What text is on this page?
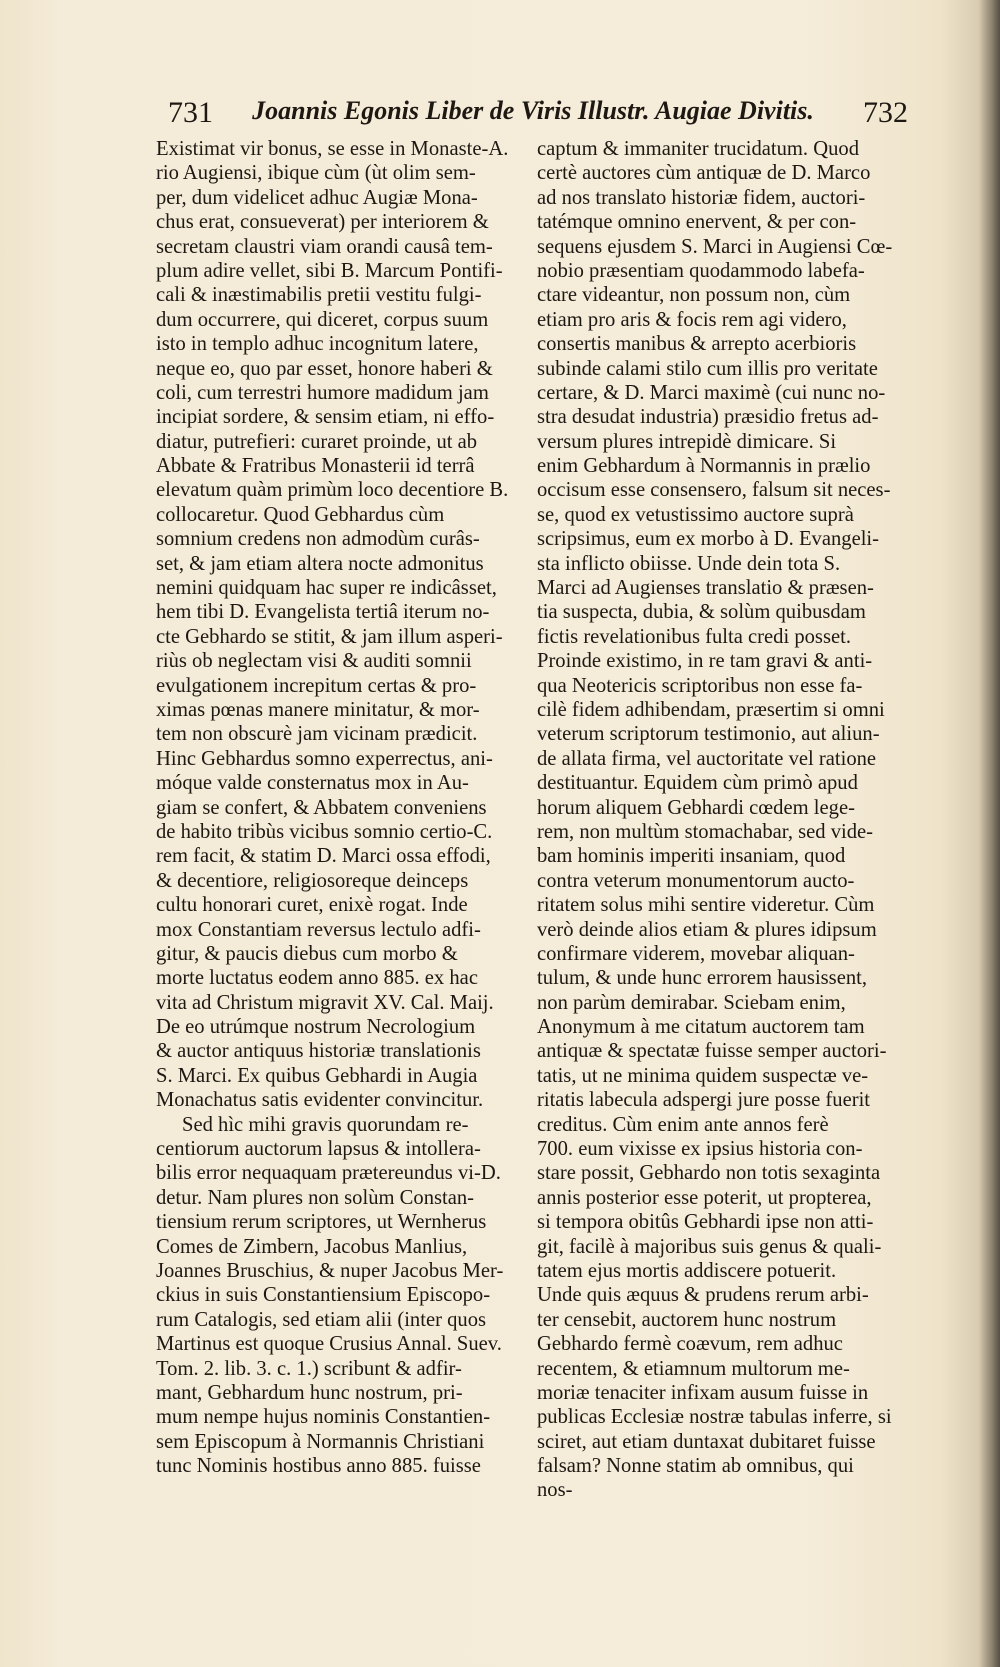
731 Joannis Egonis Liber de Viris Illustr. Augiae Divitis. 732
Existimat vir bonus, se esse in Monaste-A.
rio Augiensi, ibique cùm (ùt olim sem-
per, dum videlicet adhuc Augiæ Mona-
chus erat, consueverat) per interiorem &
secretam claustri viam orandi causâ tem-
plum adire vellet, sibi B. Marcum Pontifi-
cali & inæstimabilis pretii vestitu fulgi-
dum occurrere, qui diceret, corpus suum
isto in templo adhuc incognitum latere,
neque eo, quo par esset, honore haberi &
coli, cum terrestri humore madidum jam
incipiat sordere, & sensim etiam, ni effo-
diatur, putrefieri: curaret proinde, ut ab
Abbate & Fratribus Monasterii id terrâ
elevatum quàm primùm loco decentiore B.
collocaretur. Quod Gebhardus cùm
somnium credens non admodùm curâs-
set, & jam etiam altera nocte admonitus
nemini quidquam hac super re indicâsset,
hem tibi D. Evangelista tertiâ iterum no-
cte Gebhardo se stitit, & jam illum asperi-
riùs ob neglectam visi & auditi somnii
evulgationem increpitum certas & pro-
ximas pœnas manere minitatur, & mor-
tem non obscurè jam vicinam prædicit.
Hinc Gebhardus somno experrectus, ani-
móque valde consternatus mox in Au-
giam se confert, & Abbatem conveniens
de habito tribùs vicibus somnio certio-C.
rem facit, & statim D. Marci ossa effodi,
& decentiore, religiosoreque deinceps
cultu honorari curet, enixè rogat. Inde
mox Constantiam reversus lectulo adfi-
gitur, & paucis diebus cum morbo &
morte luctatus eodem anno 885. ex hac
vita ad Christum migravit XV. Cal. Maij.
De eo utrúmque nostrum Necrologium
& auctor antiquus historiæ translationis
S. Marci. Ex quibus Gebhardi in Augia
Monachatus satis evidenter convincitur.
Sed hìc mihi gravis quorundam re-
centiorum auctorum lapsus & intollera-
bilis error nequaquam prætereundus vi-D.
detur. Nam plures non solùm Constan-
tiensium rerum scriptores, ut Wernherus
Comes de Zimbern, Jacobus Manlius,
Joannes Bruschius, & nuper Jacobus Mer-
ckius in suis Constantiensium Episcopo-
rum Catalogis, sed etiam alii (inter quos
Martinus est quoque Crusius Annal. Suev.
Tom. 2. lib. 3. c. 1.) scribunt & adfir-
mant, Gebhardum hunc nostrum, pri-
mum nempe hujus nominis Constantien-
sem Episcopum à Normannis Christiani
tunc Nominis hostibus anno 885. fuisse
captum & immaniter trucidatum. Quod
certè auctores cùm antiquæ de D. Marco
ad nos translato historiæ fidem, auctori-
tatémque omnino enervent, & per con-
sequens ejusdem S. Marci in Augiensi Cœ-
nobio præsentiam quodammodo labefa-
ctare videantur, non possum non, cùm
etiam pro aris & focis rem agi videro,
consertis manibus & arrepto acerbioris
subinde calami stilo cum illis pro veritate
certare, & D. Marci maximè (cui nunc no-
stra desudat industria) præsidio fretus ad-
versum plures intrepidè dimicare. Si
enim Gebhardum à Normannis in prælio
occisum esse consensero, falsum sit neces-
se, quod ex vetustissimo auctore suprà
scripsimus, eum ex morbo à D. Evangeli-
sta inflicto obiisse. Unde dein tota S.
Marci ad Augienses translatio & præsen-
tia suspecta, dubia, & solùm quibusdam
fictis revelationibus fulta credi posset.
Proinde existimo, in re tam gravi & anti-
qua Neotericis scriptoribus non esse fa-
cilè fidem adhibendam, præsertim si omni
veterum scriptorum testimonio, aut aliun-
de allata firma, vel auctoritate vel ratione
destituantur. Equidem cùm primò apud
horum aliquem Gebhardi cœdem lege-
rem, non multùm stomachabar, sed vide-
bam hominis imperiti insaniam, quod
contra veterum monumentorum aucto-
ritatem solus mihi sentire videretur. Cùm
verò deinde alios etiam & plures idipsum
confirmare viderem, movebar aliquan-
tulum, & unde hunc errorem hausissent,
non parùm demirabar. Sciebam enim,
Anonymum à me citatum auctorem tam
antiquæ & spectatæ fuisse semper auctori-
tatis, ut ne minima quidem suspectæ ve-
ritatis labecula adspergi jure posse fuerit
creditus. Cùm enim ante annos ferè
700. eum vixisse ex ipsius historia con-
stare possit, Gebhardo non totis sexaginta
annis posterior esse poterit, ut propterea,
si tempora obitûs Gebhardi ipse non atti-
git, facilè à majoribus suis genus & quali-
tatem ejus mortis addiscere potuerit.
Unde quis æquus & prudens rerum arbi-
ter censebit, auctorem hunc nostrum
Gebhardo fermè coævum, rem adhuc
recentem, & etiamnum multorum me-
moriæ tenaciter infixam ausum fuisse in
publicas Ecclesiæ nostræ tabulas inferre, si
sciret, aut etiam duntaxat dubitaret fuisse
falsam? Nonne statim ab omnibus, qui
nos-
